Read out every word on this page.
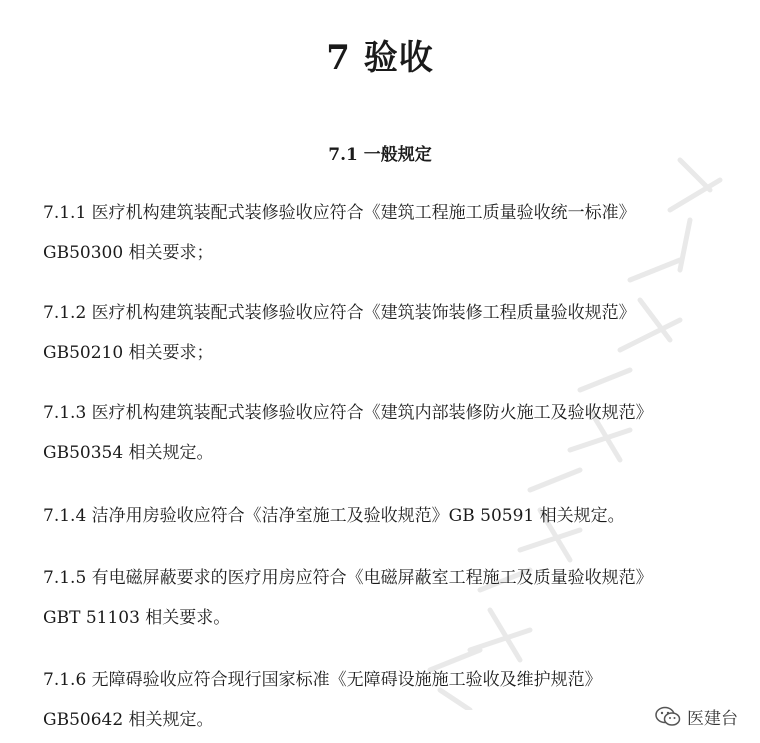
7 验收
7.1 一般规定

7.1.1 医疗机构建筑装配式装修验收应符合《建筑工程施工质量验收统一标准》
GB50300 相关要求；

7.1.2 医疗机构建筑装配式装修验收应符合《建筑装饰装修工程质量验收规范》
GB50210 相关要求；

7.1.3 医疗机构建筑装配式装修验收应符合《建筑内部装修防火施工及验收规范》
GB50354 相关规定。

7.1.4 洁净用房验收应符合《洁净室施工及验收规范》GB 50591 相关规定。

7.1.5 有电磁屏蔽要求的医疗用房应符合《电磁屏蔽室工程施工及质量验收规范》
GBT 51103 相关要求。

7.1.6 无障碍验收应符合现行国家标准《无障碍设施施工验收及维护规范》
GB50642 相关规定。	医建台
